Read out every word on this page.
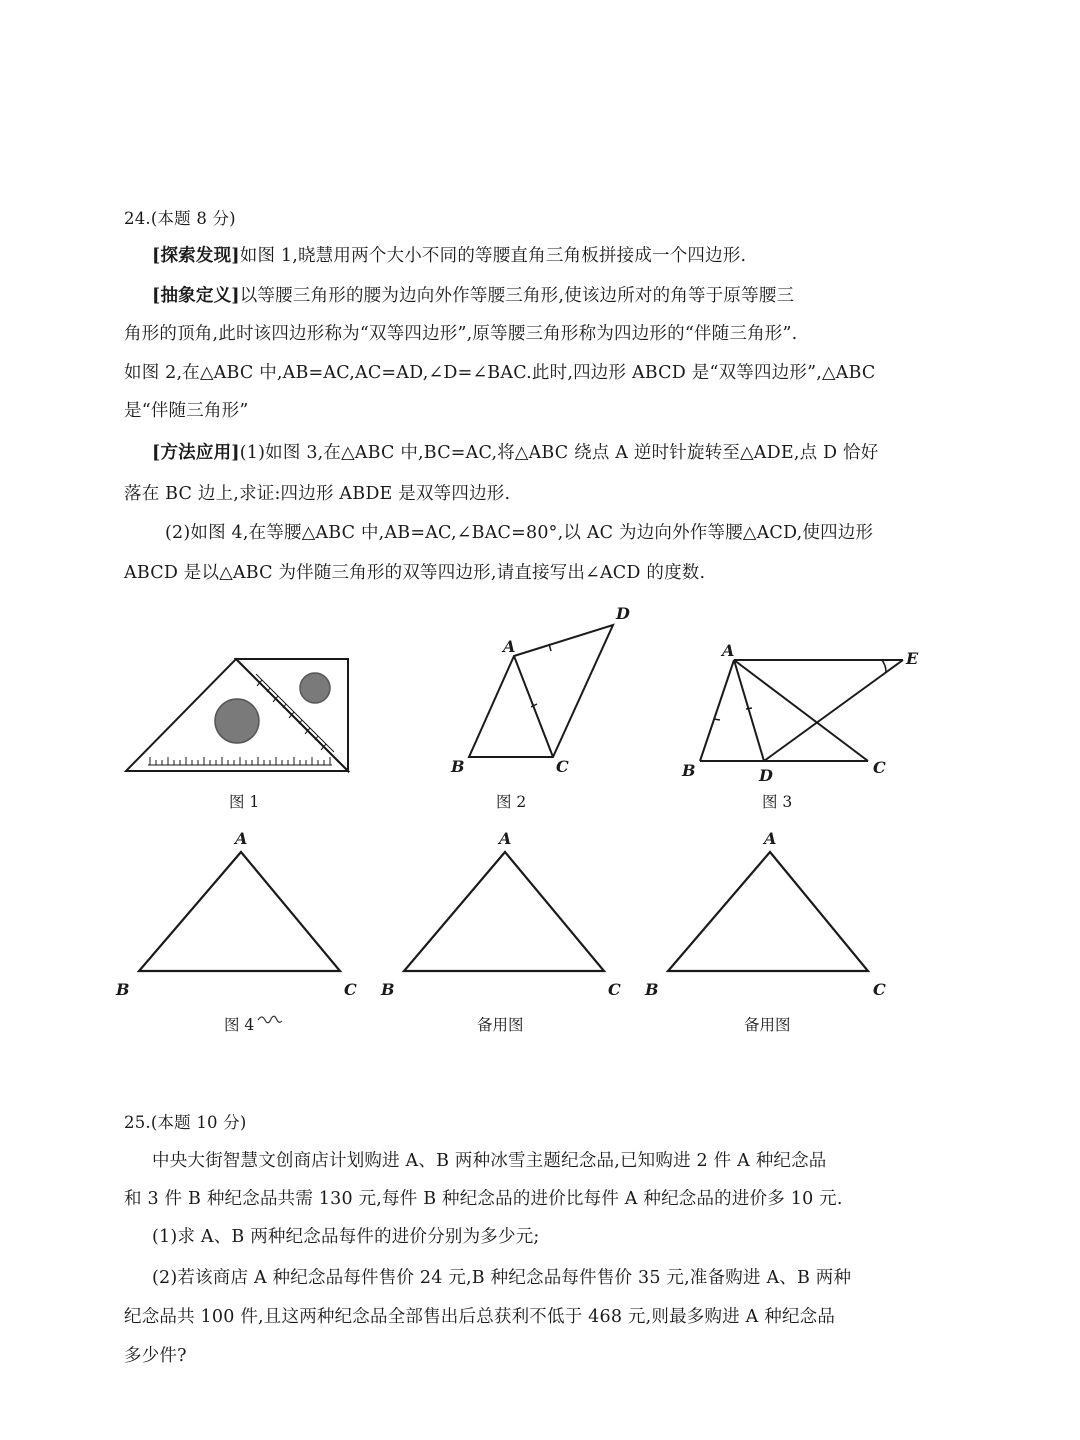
24.(本题 8 分)
[探索发现]如图 1,晓慧用两个大小不同的等腰直角三角板拼接成一个四边形.
[抽象定义]以等腰三角形的腰为边向外作等腰三角形,使该边所对的角等于原等腰三
角形的顶角,此时该四边形称为“双等四边形”,原等腰三角形称为四边形的“伴随三角形”.
如图 2,在△ABC 中,AB=AC,AC=AD,∠D=∠BAC.此时,四边形 ABCD 是“双等四边形”,△ABC
是“伴随三角形”
[方法应用](1)如图 3,在△ABC 中,BC=AC,将△ABC 绕点 A 逆时针旋转至△ADE,点 D 恰好
落在 BC 边上,求证:四边形 ABDE 是双等四边形.
(2)如图 4,在等腰△ABC 中,AB=AC,∠BAC=80°,以 AC 为边向外作等腰△ACD,使四边形
ABCD 是以△ABC 为伴随三角形的双等四边形,请直接写出∠ACD 的度数.
A
B	C
D
A
B	C
D
E
A
B	C
A
B	C
A
B	C
图 1	图 2	图 3
图 4	备用图	备用图
25.(本题 10 分)
中央大街智慧文创商店计划购进 A、B 两种冰雪主题纪念品,已知购进 2 件 A 种纪念品
和 3 件 B 种纪念品共需 130 元,每件 B 种纪念品的进价比每件 A 种纪念品的进价多 10 元.
(1)求 A、B 两种纪念品每件的进价分别为多少元;
(2)若该商店 A 种纪念品每件售价 24 元,B 种纪念品每件售价 35 元,准备购进 A、B 两种
纪念品共 100 件,且这两种纪念品全部售出后总获利不低于 468 元,则最多购进 A 种纪念品
多少件?
